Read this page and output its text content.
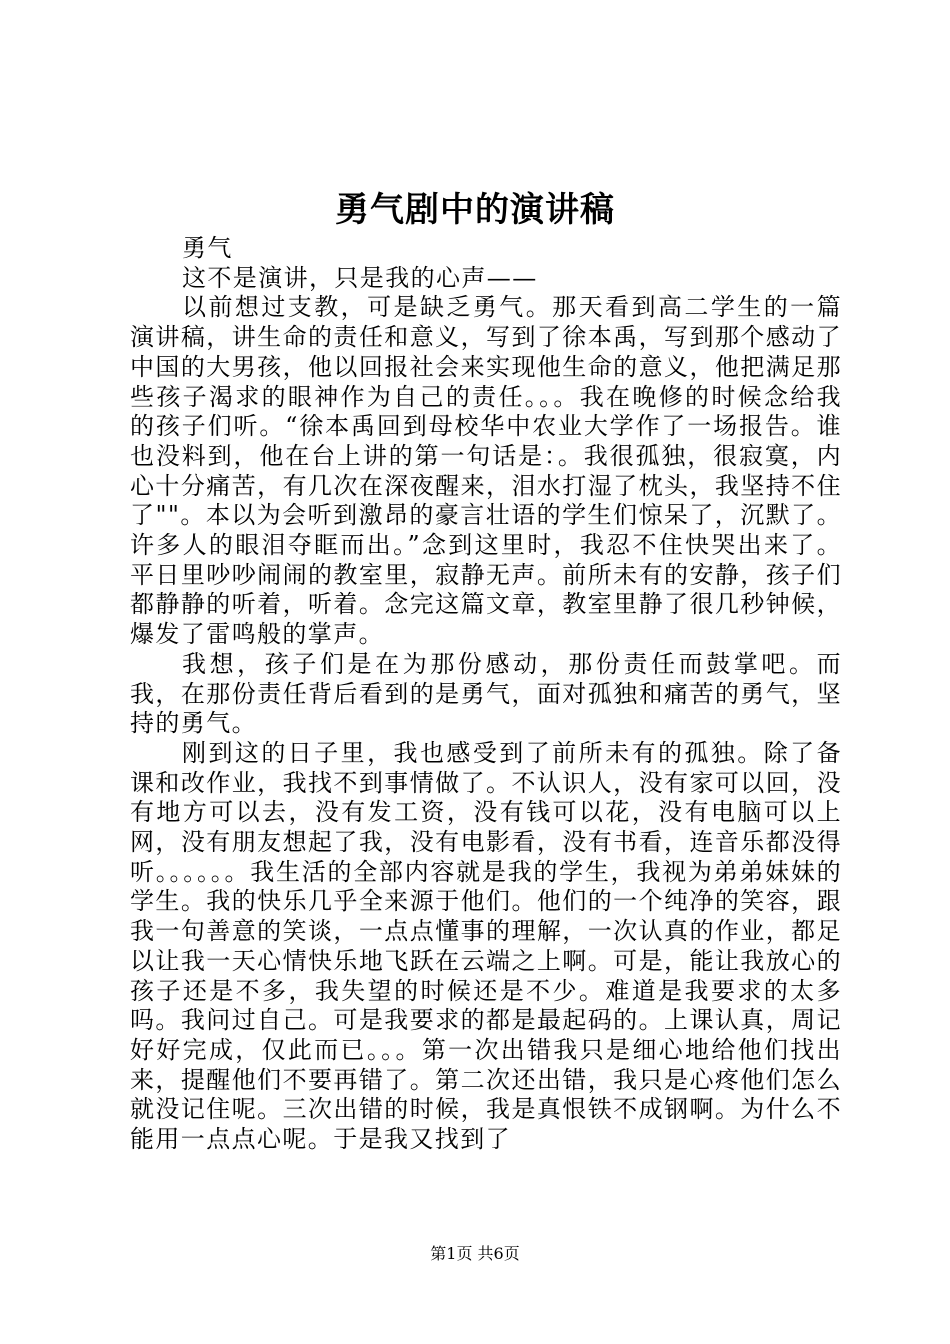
勇气剧中的演讲稿

勇气

这不是演讲，只是我的心声——

以前想过支教，可是缺乏勇气。那天看到高二学生的一篇演讲稿，讲生命的责任和意义，写到了徐本禹，写到那个感动了中国的大男孩，他以回报社会来实现他生命的意义，他把满足那些孩子渴求的眼神作为自己的责任。。。我在晚修的时候念给我的孩子们听。“徐本禹回到母校华中农业大学作了一场报告。谁也没料到，他在台上讲的第一句话是：。我很孤独，很寂寞，内心十分痛苦，有几次在深夜醒来，泪水打湿了枕头，我坚持不住了""。本以为会听到激昂的豪言壮语的学生们惊呆了，沉默了。许多人的眼泪夺眶而出。”念到这里时，我忍不住快哭出来了。平日里吵吵闹闹的教室里，寂静无声。前所未有的安静，孩子们都静静的听着，听着。念完这篇文章，教室里静了很几秒钟候，爆发了雷鸣般的掌声。

我想，孩子们是在为那份感动，那份责任而鼓掌吧。而我，在那份责任背后看到的是勇气，面对孤独和痛苦的勇气，坚持的勇气。

刚到这的日子里，我也感受到了前所未有的孤独。除了备课和改作业，我找不到事情做了。不认识人，没有家可以回，没有地方可以去，没有发工资，没有钱可以花，没有电脑可以上网，没有朋友想起了我，没有电影看，没有书看，连音乐都没得听。。。。。。我生活的全部内容就是我的学生，我视为弟弟妹妹的学生。我的快乐几乎全来源于他们。他们的一个纯净的笑容，跟我一句善意的笑谈，一点点懂事的理解，一次认真的作业，都足以让我一天心情快乐地飞跃在云端之上啊。可是，能让我放心的孩子还是不多，我失望的时候还是不少。难道是我要求的太多吗。我问过自己。可是我要求的都是最起码的。上课认真，周记好好完成，仅此而已。。。第一次出错我只是细心地给他们找出来，提醒他们不要再错了。第二次还出错，我只是心疼他们怎么就没记住呢。三次出错的时候，我是真恨铁不成钢啊。为什么不能用一点点心呢。于是我又找到了

第1页 共6页
